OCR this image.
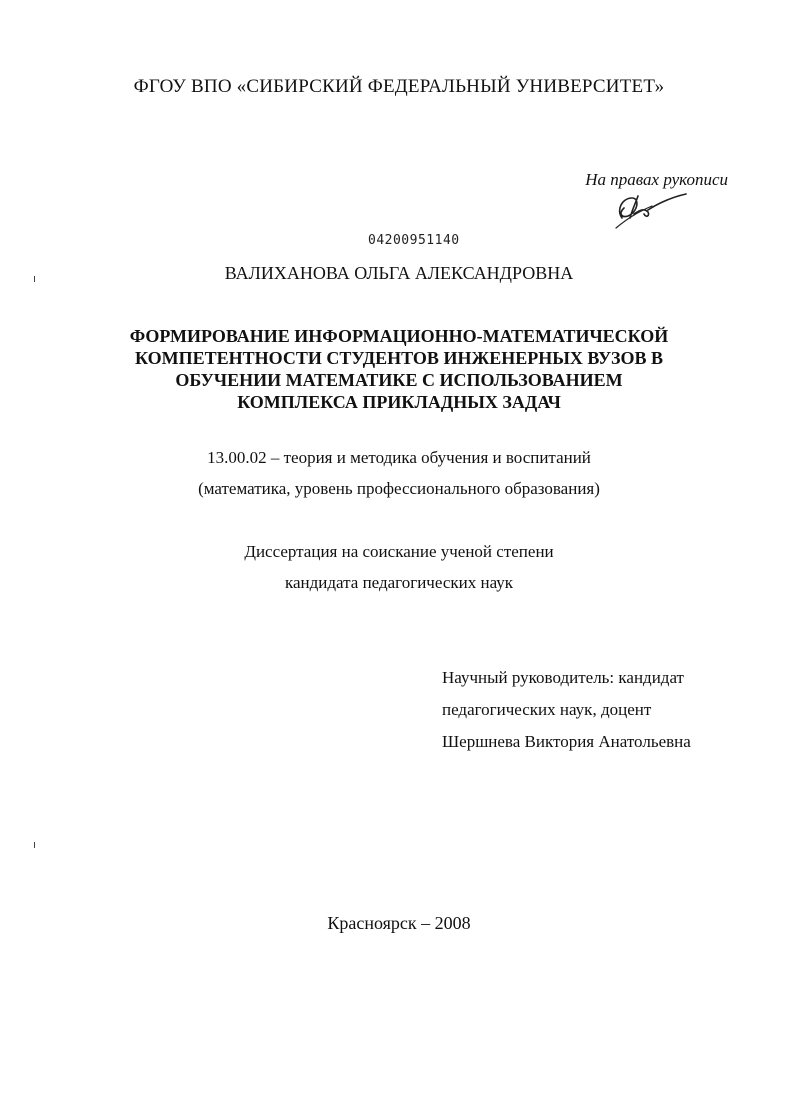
ФГОУ ВПО «СИБИРСКИЙ ФЕДЕРАЛЬНЫЙ УНИВЕРСИТЕТ»
На правах рукописи
04200951140
ВАЛИХАНОВА ОЛЬГА АЛЕКСАНДРОВНА
ФОРМИРОВАНИЕ ИНФОРМАЦИОННО-МАТЕМАТИЧЕСКОЙ
КОМПЕТЕНТНОСТИ СТУДЕНТОВ ИНЖЕНЕРНЫХ ВУЗОВ В
ОБУЧЕНИИ МАТЕМАТИКЕ С ИСПОЛЬЗОВАНИЕМ
КОМПЛЕКСА ПРИКЛАДНЫХ ЗАДАЧ
13.00.02 – теория и методика обучения и воспитаний
(математика, уровень профессионального образования)
Диссертация на соискание ученой степени
кандидата педагогических наук
Научный руководитель: кандидат
педагогических наук, доцент
Шершнева Виктория Анатольевна
Красноярск – 2008
